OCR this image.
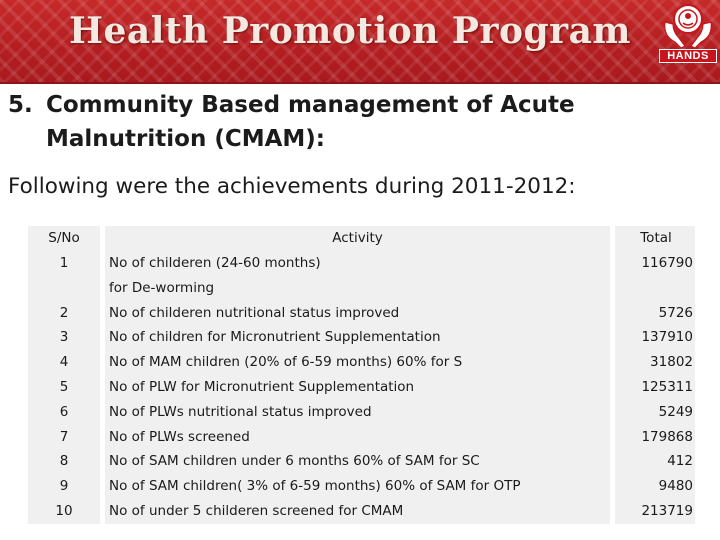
Health Promotion Program
HANDS
5. Community Based management of Acute
Malnutrition (CMAM):
Following were the achievements during 2011-2012:
S/No	Activity	Total
1	No of childeren (24-60 months)	116790
for De-worming
2	No of childeren nutritional status improved	5726
3	No of children for Micronutrient Supplementation	137910
4	No of MAM children (20% of 6-59 months) 60% for S	31802
5	No of PLW for Micronutrient Supplementation	125311
6	No of PLWs nutritional status improved	5249
7	No of PLWs screened	179868
8	No of SAM children under 6 months 60% of SAM for SC	412
9	No of SAM children( 3% of 6-59 months) 60% of SAM for OTP	9480
10	No of under 5 childeren screened for CMAM	213719
